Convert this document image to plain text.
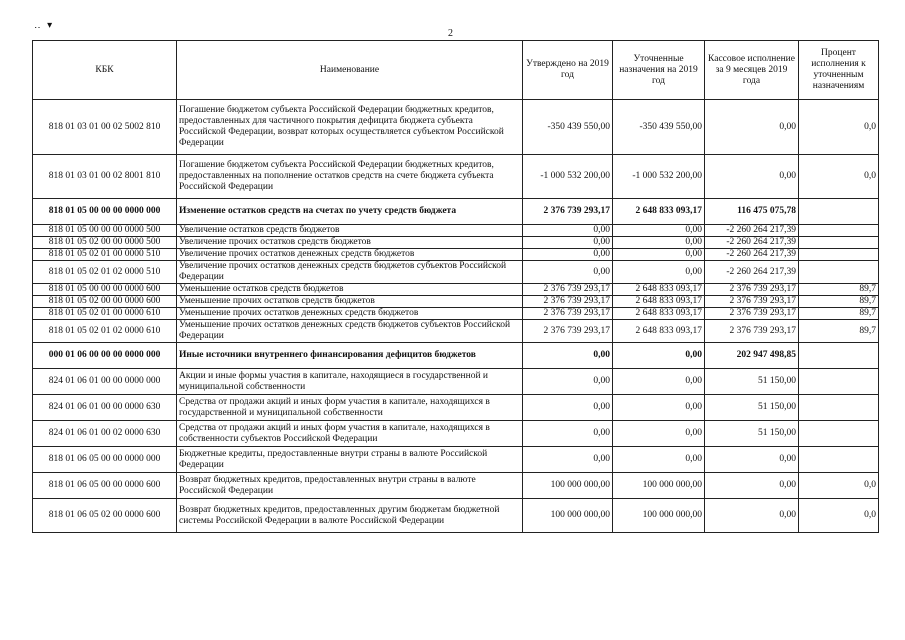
‥ ▾
2
КБК	Наименование	Утверждено на 2019 год	Уточненные назначения на 2019 год	Кассовое исполнение за 9 месяцев 2019 года	Процент исполнения к уточненным назначениям
818 01 03 01 00 02 5002 810	Погашение бюджетом субъекта Российской Федерации бюджетных кредитов, предоставленных для частичного покрытия дефицита бюджета субъекта Российской Федерации, возврат которых осуществляется субъектом Российской Федерации	-350 439 550,00	-350 439 550,00	0,00	0,0
818 01 03 01 00 02 8001 810	Погашение бюджетом субъекта Российской Федерации бюджетных кредитов, предоставленных на пополнение остатков средств на счете бюджета субъекта Российской Федерации	-1 000 532 200,00	-1 000 532 200,00	0,00	0,0
818 01 05 00 00 00 0000 000	Изменение остатков средств на счетах по учету средств бюджета	2 376 739 293,17	2 648 833 093,17	116 475 075,78	
818 01 05 00 00 00 0000 500	Увеличение остатков средств бюджетов	0,00	0,00	-2 260 264 217,39	
818 01 05 02 00 00 0000 500	Увеличение прочих остатков средств бюджетов	0,00	0,00	-2 260 264 217,39	
818 01 05 02 01 00 0000 510	Увеличение прочих остатков денежных средств бюджетов	0,00	0,00	-2 260 264 217,39	
818 01 05 02 01 02 0000 510	Увеличение прочих остатков денежных средств бюджетов субъектов Российской Федерации	0,00	0,00	-2 260 264 217,39	
818 01 05 00 00 00 0000 600	Уменьшение остатков средств бюджетов	2 376 739 293,17	2 648 833 093,17	2 376 739 293,17	89,7
818 01 05 02 00 00 0000 600	Уменьшение прочих остатков средств бюджетов	2 376 739 293,17	2 648 833 093,17	2 376 739 293,17	89,7
818 01 05 02 01 00 0000 610	Уменьшение прочих остатков денежных средств бюджетов	2 376 739 293,17	2 648 833 093,17	2 376 739 293,17	89,7
818 01 05 02 01 02 0000 610	Уменьшение прочих остатков денежных средств бюджетов субъектов Российской Федерации	2 376 739 293,17	2 648 833 093,17	2 376 739 293,17	89,7
000 01 06 00 00 00 0000 000	Иные источники внутреннего финансирования дефицитов бюджетов	0,00	0,00	202 947 498,85	
824 01 06 01 00 00 0000 000	Акции и иные формы участия в капитале, находящиеся в государственной и муниципальной собственности	0,00	0,00	51 150,00	
824 01 06 01 00 00 0000 630	Средства от продажи акций и иных форм участия в капитале, находящихся в государственной и муниципальной собственности	0,00	0,00	51 150,00	
824 01 06 01 00 02 0000 630	Средства от продажи акций и иных форм участия в капитале, находящихся в собственности субъектов Российской Федерации	0,00	0,00	51 150,00	
818 01 06 05 00 00 0000 000	Бюджетные кредиты, предоставленные внутри страны в валюте Российской Федерации	0,00	0,00	0,00	
818 01 06 05 00 00 0000 600	Возврат бюджетных кредитов, предоставленных внутри страны в валюте Российской Федерации	100 000 000,00	100 000 000,00	0,00	0,0
818 01 06 05 02 00 0000 600	Возврат бюджетных кредитов, предоставленных другим бюджетам бюджетной системы Российской Федерации в валюте Российской Федерации	100 000 000,00	100 000 000,00	0,00	0,0
